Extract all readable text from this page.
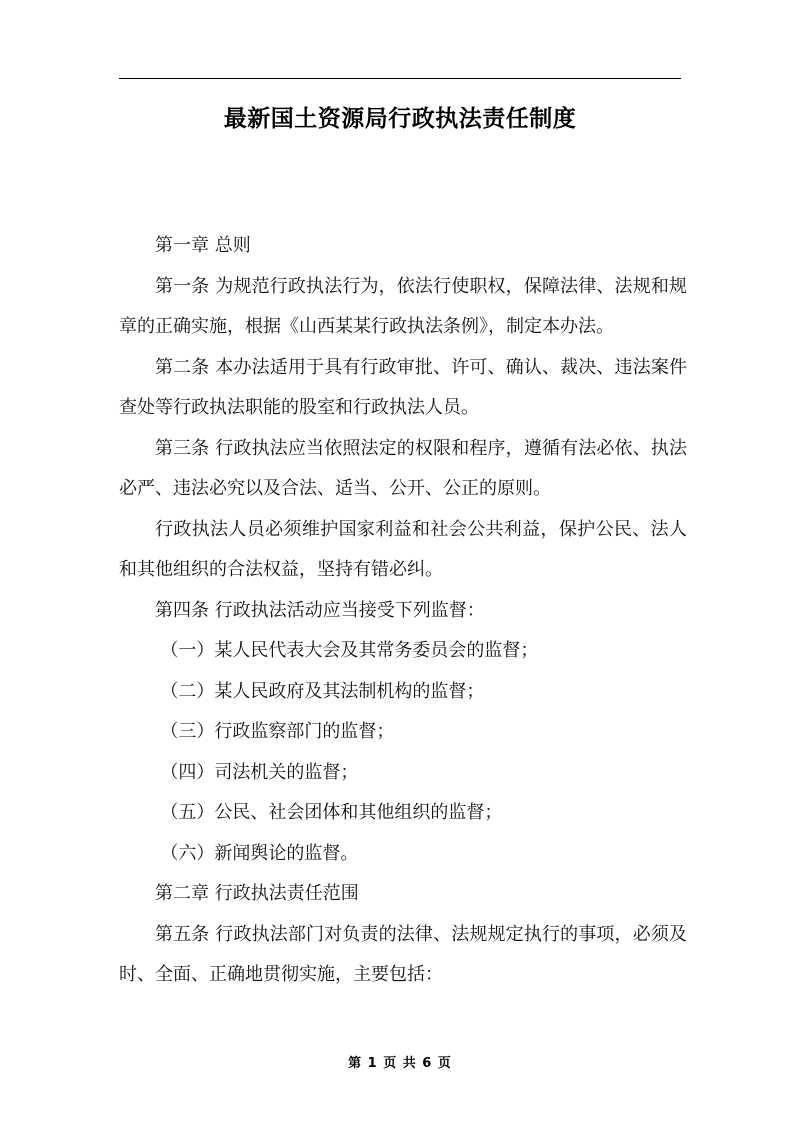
最新国土资源局行政执法责任制度

第一章 总则

第一条 为规范行政执法行为，依法行使职权，保障法律、法规和规章的正确实施，根据《山西某某行政执法条例》，制定本办法。

第二条 本办法适用于具有行政审批、许可、确认、裁决、违法案件查处等行政执法职能的股室和行政执法人员。

第三条 行政执法应当依照法定的权限和程序，遵循有法必依、执法必严、违法必究以及合法、适当、公开、公正的原则。

行政执法人员必须维护国家利益和社会公共利益，保护公民、法人和其他组织的合法权益，坚持有错必纠。

第四条 行政执法活动应当接受下列监督：

（一）某人民代表大会及其常务委员会的监督；

（二）某人民政府及其法制机构的监督；

（三）行政监察部门的监督；

（四）司法机关的监督；

（五）公民、社会团体和其他组织的监督；

（六）新闻舆论的监督。

第二章 行政执法责任范围

第五条 行政执法部门对负责的法律、法规规定执行的事项，必须及时、全面、正确地贯彻实施，主要包括：

第 1 页 共 6 页
